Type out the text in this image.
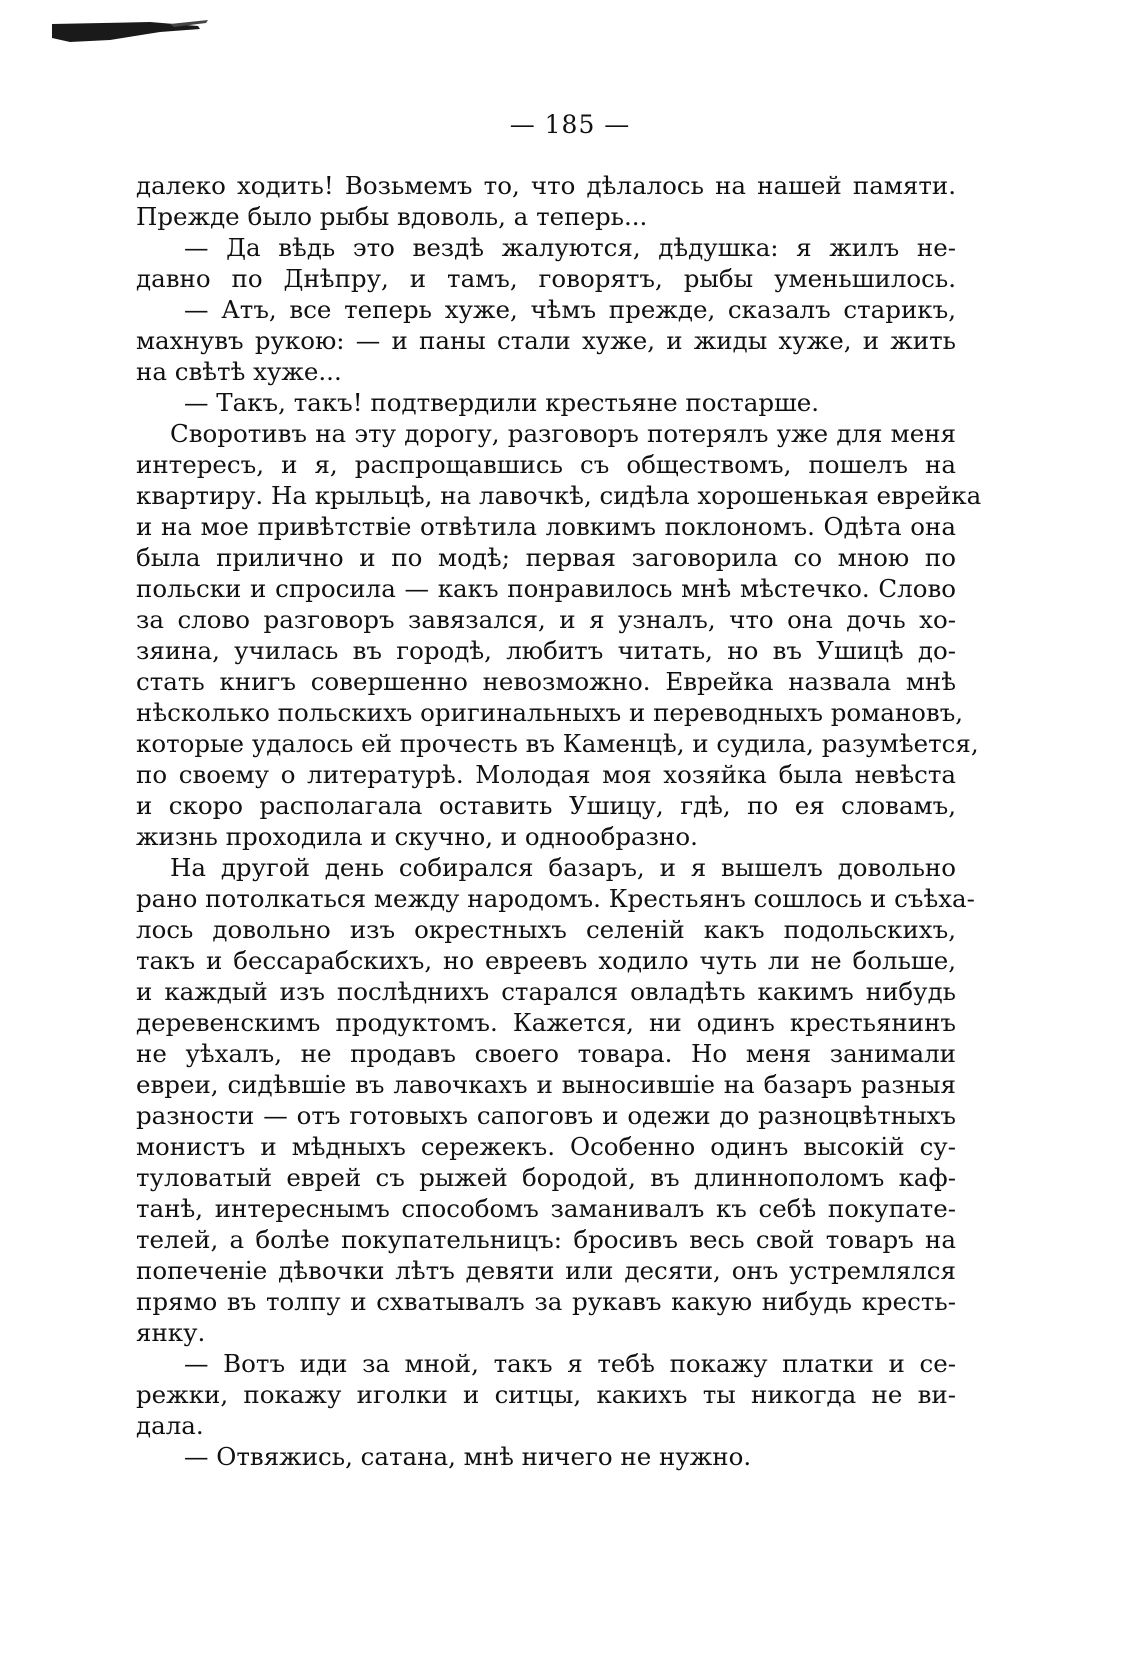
— 185 —
далеко ходить! Возьмемъ то, что дѣлалось на нашей памяти.
Прежде было рыбы вдоволь, а теперь...
— Да вѣдь это вездѣ жалуются, дѣдушка: я жилъ не-
давно по Днѣпру, и тамъ, говорятъ, рыбы уменьшилось.
— Атъ, все теперь хуже, чѣмъ прежде, сказалъ старикъ,
махнувъ рукою: — и паны стали хуже, и жиды хуже, и жить
на свѣтѣ хуже...
— Такъ, такъ! подтвердили крестьяне постарше.
Своротивъ на эту дорогу, разговоръ потерялъ уже для меня
интересъ, и я, распрощавшись съ обществомъ, пошелъ на
квартиру. На крыльцѣ, на лавочкѣ, сидѣла хорошенькая еврейка
и на мое привѣтствіе отвѣтила ловкимъ поклономъ. Одѣта она
была прилично и по модѣ; первая заговорила со мною по
польски и спросила — какъ понравилось мнѣ мѣстечко. Слово
за слово разговоръ завязался, и я узналъ, что она дочь хо-
зяина, училась въ городѣ, любитъ читать, но въ Ушицѣ до-
стать книгъ совершенно невозможно. Еврейка назвала мнѣ
нѣсколько польскихъ оригинальныхъ и переводныхъ романовъ,
которые удалось ей прочесть въ Каменцѣ, и судила, разумѣется,
по своему о литературѣ. Молодая моя хозяйка была невѣста
и скоро располагала оставить Ушицу, гдѣ, по ея словамъ,
жизнь проходила и скучно, и однообразно.
На другой день собирался базаръ, и я вышелъ довольно
рано потолкаться между народомъ. Крестьянъ сошлось и съѣха-
лось довольно изъ окрестныхъ селеній какъ подольскихъ,
такъ и бессарабскихъ, но евреевъ ходило чуть ли не больше,
и каждый изъ послѣднихъ старался овладѣть какимъ нибудь
деревенскимъ продуктомъ. Кажется, ни одинъ крестьянинъ
не уѣхалъ, не продавъ своего товара. Но меня занимали
евреи, сидѣвшіе въ лавочкахъ и выносившіе на базаръ разныя
разности — отъ готовыхъ сапоговъ и одежи до разноцвѣтныхъ
монистъ и мѣдныхъ сережекъ. Особенно одинъ высокій су-
туловатый еврей съ рыжей бородой, въ длиннополомъ каф-
танѣ, интереснымъ способомъ заманивалъ къ себѣ покупате-
телей, а болѣе покупательницъ: бросивъ весь свой товаръ на
попеченіе дѣвочки лѣтъ девяти или десяти, онъ устремлялся
прямо въ толпу и схватывалъ за рукавъ какую нибудь кресть-
янку.
— Вотъ иди за мной, такъ я тебѣ покажу платки и се-
режки, покажу иголки и ситцы, какихъ ты никогда не ви-
дала.
— Отвяжись, сатана, мнѣ ничего не нужно.
